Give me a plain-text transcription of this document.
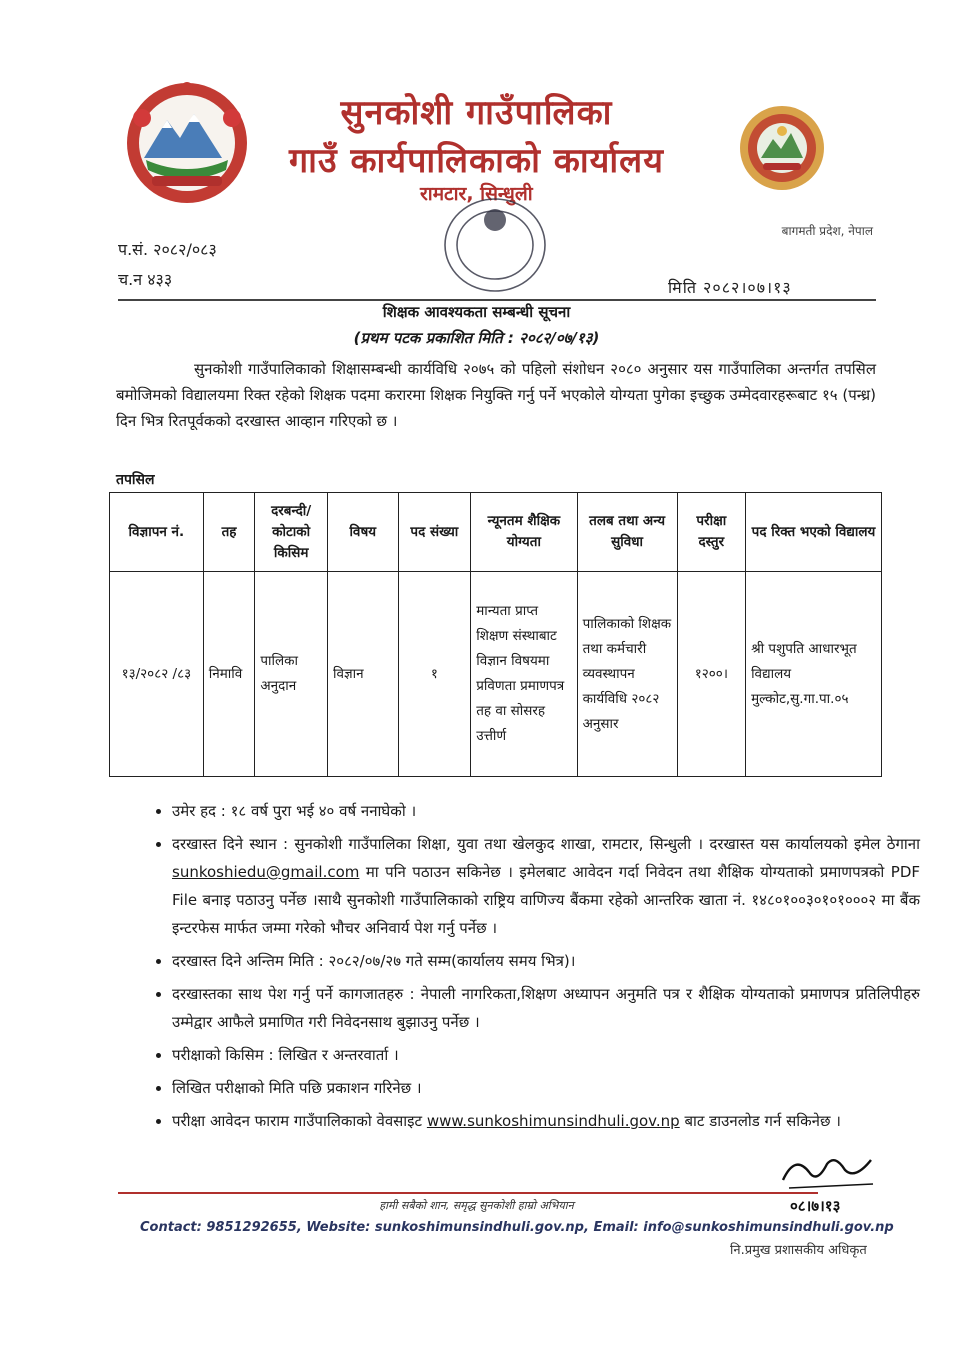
सुनकोशी गाउँपालिका
गाउँ कार्यपालिकाको कार्यालय
रामटार, सिन्धुली
बागमती प्रदेश, नेपाल
प.सं. २०८२/०८३
च.न ४३३	मिति २०८२।०७।१३
शिक्षक आवश्यकता सम्बन्धी सूचना
(प्रथम पटक प्रकाशित मिति : २०८२/०७/१३)
सुनकोशी गाउँपालिकाको शिक्षासम्बन्धी कार्यविधि २०७५ को पहिलो संशोधन २०८० अनुसार यस गाउँपालिका अन्तर्गत तपसिल बमोजिमको विद्यालयमा रिक्त रहेको शिक्षक पदमा करारमा शिक्षक नियुक्ति गर्नु पर्ने भएकोले योग्यता पुगेका इच्छुक उम्मेदवारहरूबाट १५ (पन्ध्र) दिन भित्र रितपूर्वकको दरखास्त आव्हान गरिएको छ ।
तपसिल
विज्ञापन नं.	तह	दरबन्दी/ कोटाको किसिम	विषय	पद संख्या	न्यूनतम शैक्षिक योग्यता	तलब तथा अन्य सुविधा	परीक्षा दस्तुर	पद रिक्त भएको विद्यालय
१३/२०८२ /८३	निमावि	पालिका अनुदान	विज्ञान	१	मान्यता प्राप्त शिक्षण संस्थाबाट विज्ञान विषयमा प्रविणता प्रमाणपत्र तह वा सोसरह उत्तीर्ण	पालिकाको शिक्षक तथा कर्मचारी व्यवस्थापन कार्यविधि २०८२ अनुसार	१२००।	श्री पशुपति आधारभूत विद्यालय मुल्कोट,सु.गा.पा.०५
• उमेर हद : १८ वर्ष पुरा भई ४० वर्ष ननाघेको ।
• दरखास्त दिने स्थान : सुनकोशी गाउँपालिका शिक्षा, युवा तथा खेलकुद शाखा, रामटार, सिन्धुली । दरखास्त यस कार्यालयको इमेल ठेगाना sunkoshiedu@gmail.com मा पनि पठाउन सकिनेछ । इमेलबाट आवेदन गर्दा निवेदन तथा शैक्षिक योग्यताको प्रमाणपत्रको PDF File बनाइ पठाउनु पर्नेछ ।साथै सुनकोशी गाउँपालिकाको राष्ट्रिय वाणिज्य बैंकमा रहेको आन्तरिक खाता नं. १४८०१००३०१०१०००२ मा बैंक इन्टरफेस मार्फत जम्मा गरेको भौचर अनिवार्य पेश गर्नु पर्नेछ ।
• दरखास्त दिने अन्तिम मिति : २०८२/०७/२७ गते सम्म(कार्यालय समय भित्र)।
• दरखास्तका साथ पेश गर्नु पर्ने कागजातहरु : नेपाली नागरिकता,शिक्षण अध्यापन अनुमति पत्र र शैक्षिक योग्यताको प्रमाणपत्र प्रतिलिपीहरु उम्मेद्वार आफैले प्रमाणित गरी निवेदनसाथ बुझाउनु पर्नेछ ।
• परीक्षाको किसिम : लिखित र अन्तरवार्ता ।
• लिखित परीक्षाको मिति पछि प्रकाशन गरिनेछ ।
• परीक्षा आवेदन फाराम गाउँपालिकाको वेवसाइट www.sunkoshimunsindhuli.gov.np बाट डाउनलोड गर्न सकिनेछ ।
०८।७।१३
हामी सबैको शान, समृद्ध सुनकोशी हाम्रो अभियान
Contact: 9851292655, Website: sunkoshimunsindhuli.gov.np, Email: info@sunkoshimunsindhuli.gov.np
नि.प्रमुख प्रशासकीय अधिकृत
